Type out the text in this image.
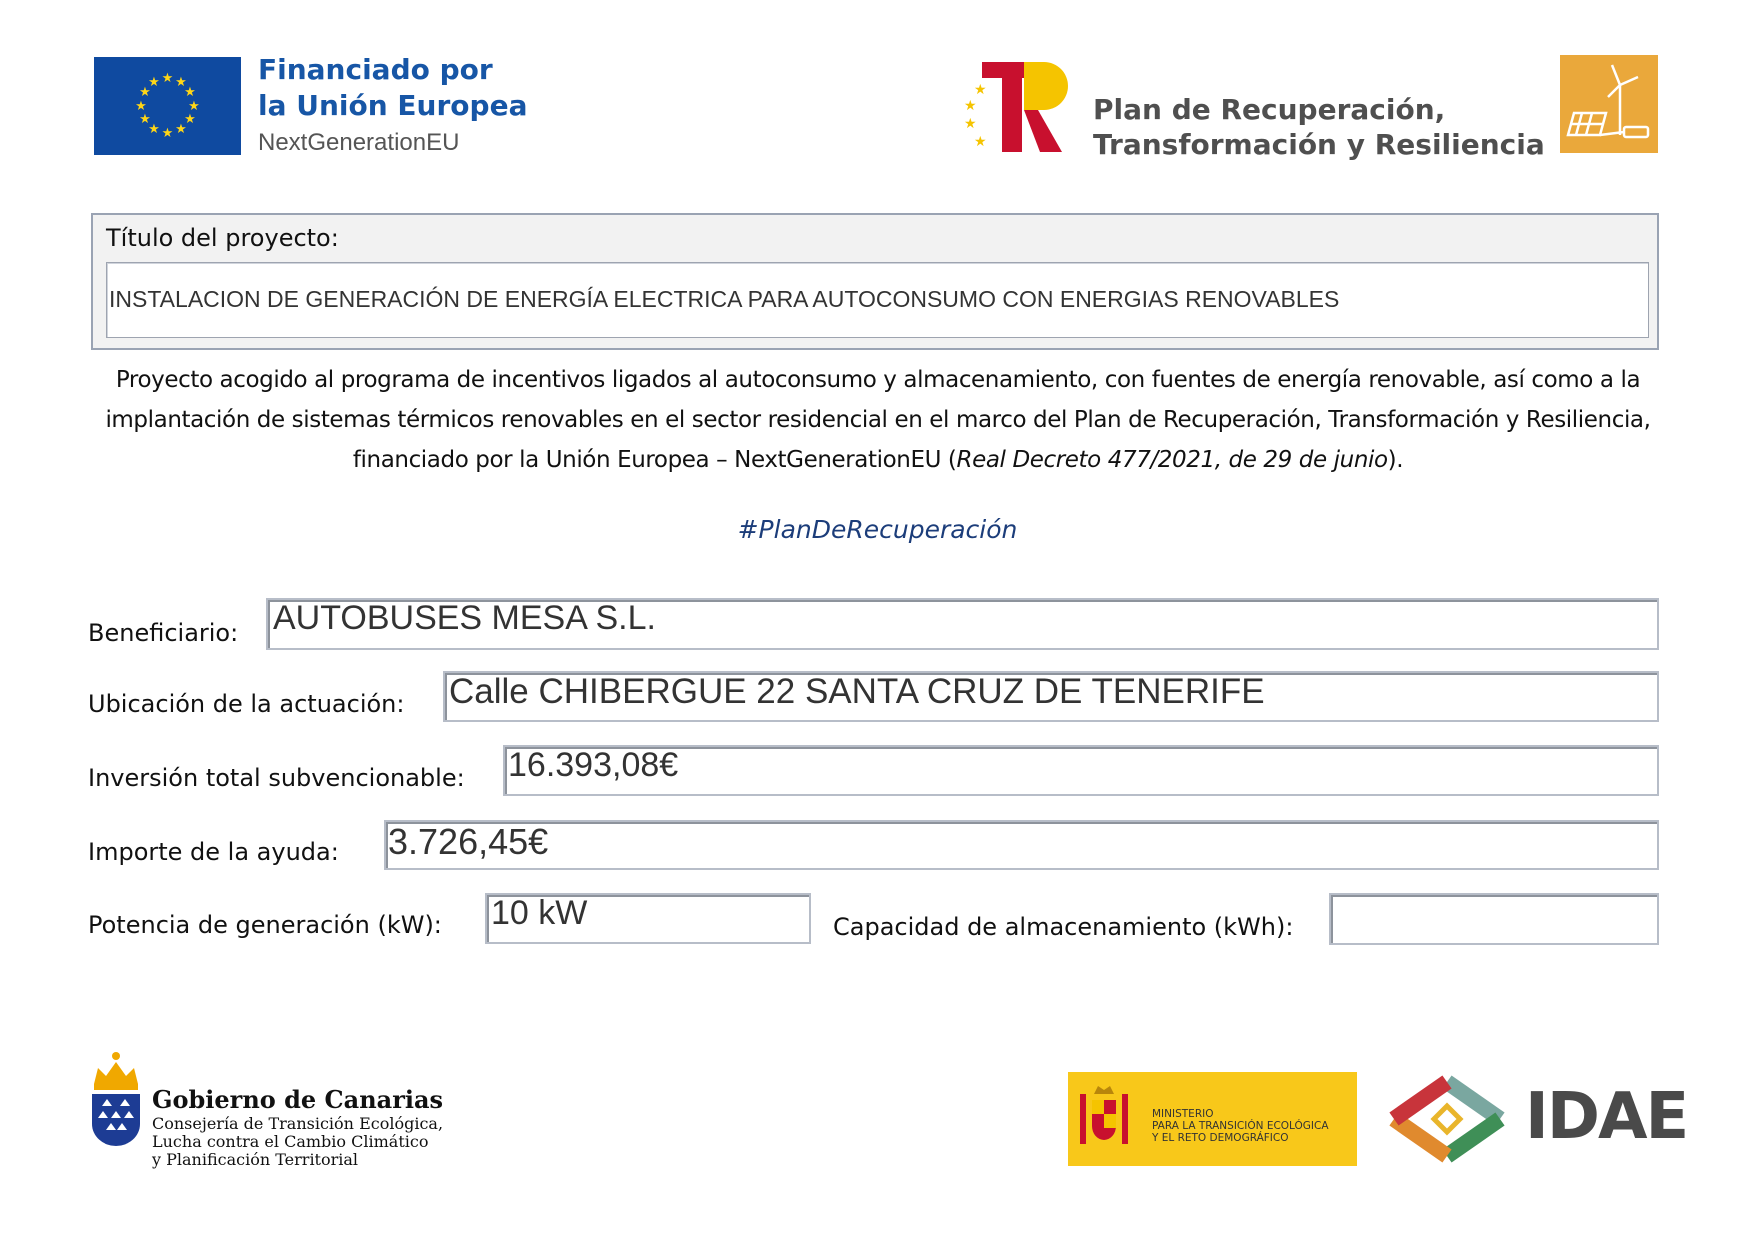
★ ★
★
★
★
★
★
★
★
★
★
★	Financiado por
la Unión Europea
NextGenerationEU
★
★
★
★
Plan de Recuperación,
Transformación y Resiliencia
Título del proyecto:
INSTALACION DE GENERACIÓN DE ENERGÍA ELECTRICA PARA AUTOCONSUMO CON ENERGIAS RENOVABLES
Proyecto acogido al programa de incentivos ligados al autoconsumo y almacenamiento, con fuentes de energía renovable, así como a la implantación de sistemas térmicos renovables en el sector residencial en el marco del Plan de Recuperación, Transformación y Resiliencia, financiado por la Unión Europea – NextGenerationEU (Real Decreto 477/2021, de 29 de junio).
#PlanDeRecuperación
Beneficiario: AUTOBUSES MESA S.L.
Ubicación de la actuación: Calle CHIBERGUE 22 SANTA CRUZ DE TENERIFE
Inversión total subvencionable: 16.393,08€
Importe de la ayuda: 3.726,45€
Potencia de generación (kW): 10 kW	Capacidad de almacenamiento (kWh):
Gobierno de Canarias
Consejería de Transición Ecológica,
Lucha contra el Cambio Climático
y Planificación Territorial
MINISTERIO
PARA LA TRANSICIÓN ECOLÓGICA
Y EL RETO DEMOGRÁFICO	IDAE
